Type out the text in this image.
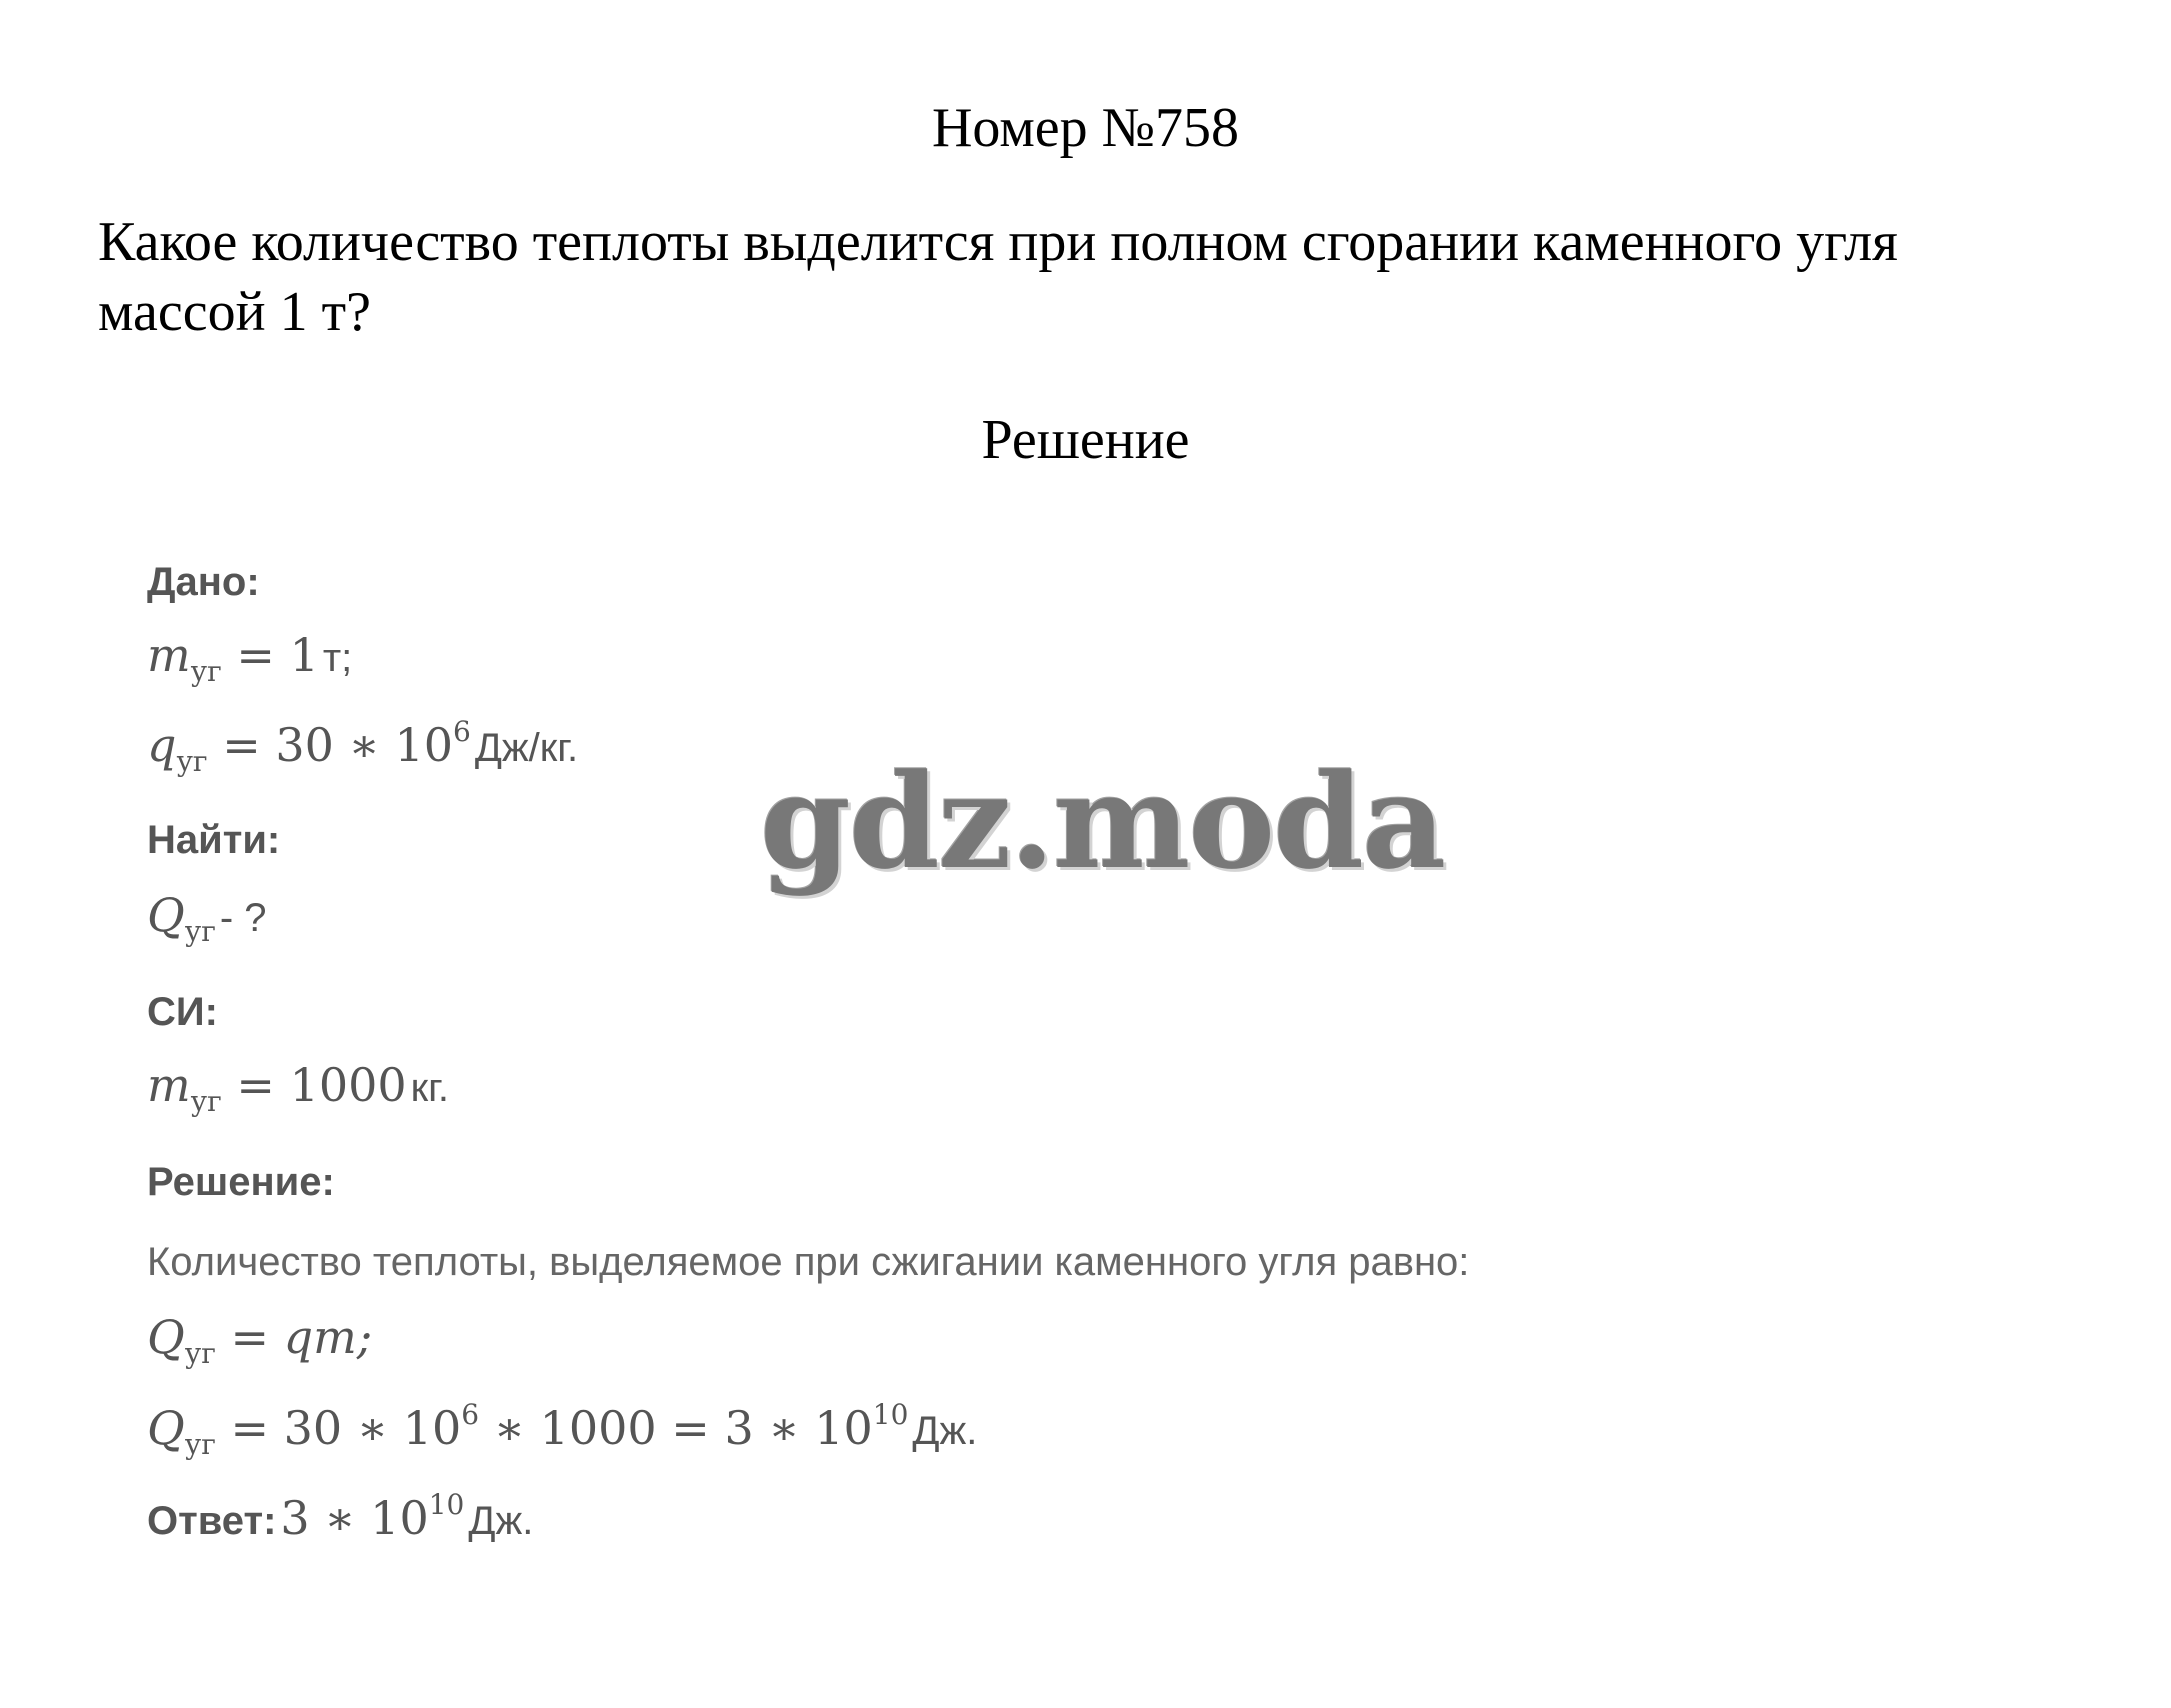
Номер №758
Какое количество теплоты выделится при полном сгорании каменного угля
массой 1 т?
Решение
Дано:
$m_{уг} = 1$ т;
$q_{уг} = 30$ ∗ $10^6$ Дж/кг.
Найти:
$Q_{уг}$ - ?
СИ:
$m_{уг} = 1000$ кг.
Решение:
Количество теплоты, выделяемое при сжигании каменного угля равно:
$Q_{уг}$ = qm;
$Q_{уг} = 30$ ∗ $10^6$ ∗ 1000 = 3 ∗ $10^{10}$ Дж.
Ответ: 3 ∗ $10^{10}$ Дж.
gdz.moda
